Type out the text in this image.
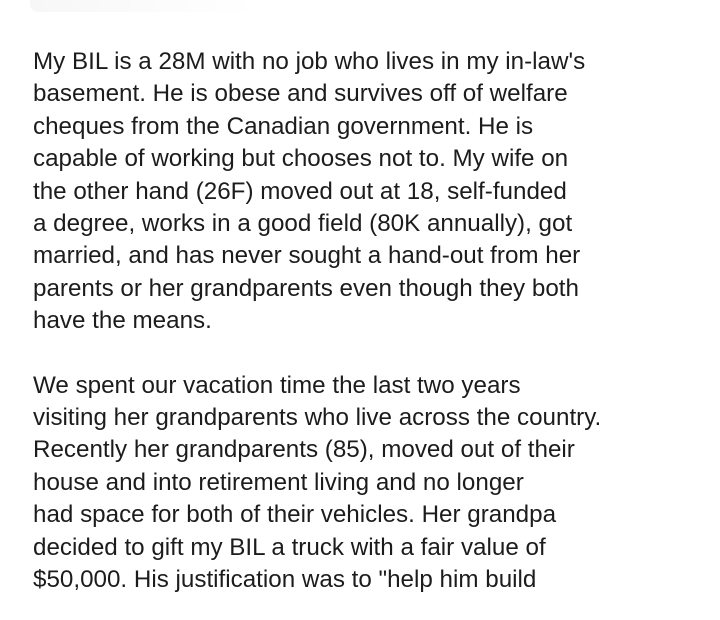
My BIL is a 28M with no job who lives in my in-law's
basement. He is obese and survives off of welfare
cheques from the Canadian government. He is
capable of working but chooses not to. My wife on
the other hand (26F) moved out at 18, self-funded
a degree, works in a good field (80K annually), got
married, and has never sought a hand-out from her
parents or her grandparents even though they both
have the means.
We spent our vacation time the last two years
visiting her grandparents who live across the country.
Recently her grandparents (85), moved out of their
house and into retirement living and no longer
had space for both of their vehicles. Her grandpa
decided to gift my BIL a truck with a fair value of
$50,000. His justification was to "help him build
